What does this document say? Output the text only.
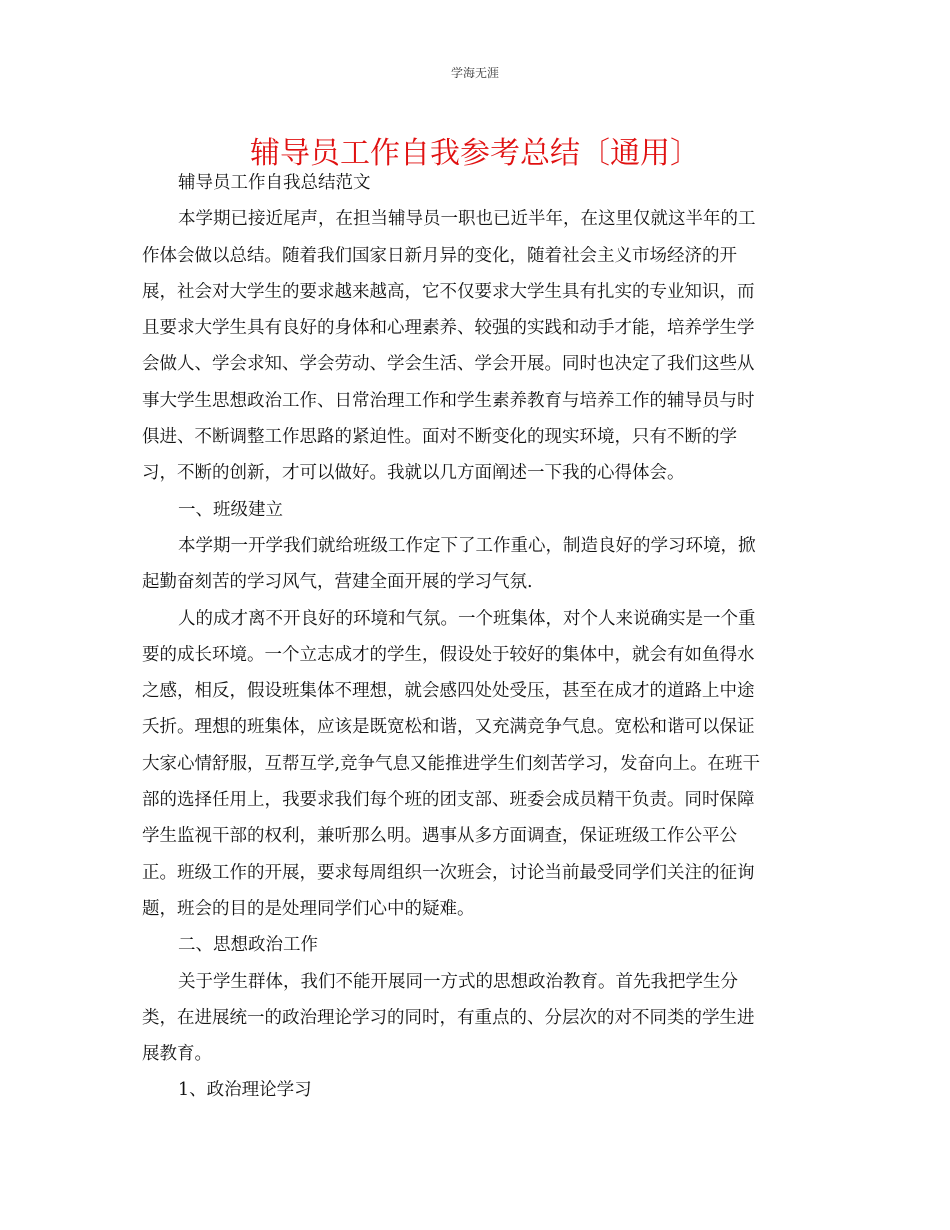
学海无涯
辅导员工作自我参考总结〔通用〕
辅导员工作自我总结范文
本学期已接近尾声，在担当辅导员一职也已近半年，在这里仅就这半年的工
作体会做以总结。随着我们国家日新月异的变化，随着社会主义市场经济的开
展，社会对大学生的要求越来越高，它不仅要求大学生具有扎实的专业知识，而
且要求大学生具有良好的身体和心理素养、较强的实践和动手才能，培养学生学
会做人、学会求知、学会劳动、学会生活、学会开展。同时也决定了我们这些从
事大学生思想政治工作、日常治理工作和学生素养教育与培养工作的辅导员与时
俱进、不断调整工作思路的紧迫性。面对不断变化的现实环境，只有不断的学
习，不断的创新，才可以做好。我就以几方面阐述一下我的心得体会。
一、班级建立
本学期一开学我们就给班级工作定下了工作重心，制造良好的学习环境，掀
起勤奋刻苦的学习风气，营建全面开展的学习气氛.
人的成才离不开良好的环境和气氛。一个班集体，对个人来说确实是一个重
要的成长环境。一个立志成才的学生，假设处于较好的集体中，就会有如鱼得水
之感，相反，假设班集体不理想，就会感四处处受压，甚至在成才的道路上中途
夭折。理想的班集体，应该是既宽松和谐，又充满竞争气息。宽松和谐可以保证
大家心情舒服，互帮互学,竞争气息又能推进学生们刻苦学习，发奋向上。在班干
部的选择任用上，我要求我们每个班的团支部、班委会成员精干负责。同时保障
学生监视干部的权利，兼听那么明。遇事从多方面调查，保证班级工作公平公
正。班级工作的开展，要求每周组织一次班会，讨论当前最受同学们关注的征询
题，班会的目的是处理同学们心中的疑难。
二、思想政治工作
关于学生群体，我们不能开展同一方式的思想政治教育。首先我把学生分
类，在进展统一的政治理论学习的同时，有重点的、分层次的对不同类的学生进
展教育。
1、政治理论学习
